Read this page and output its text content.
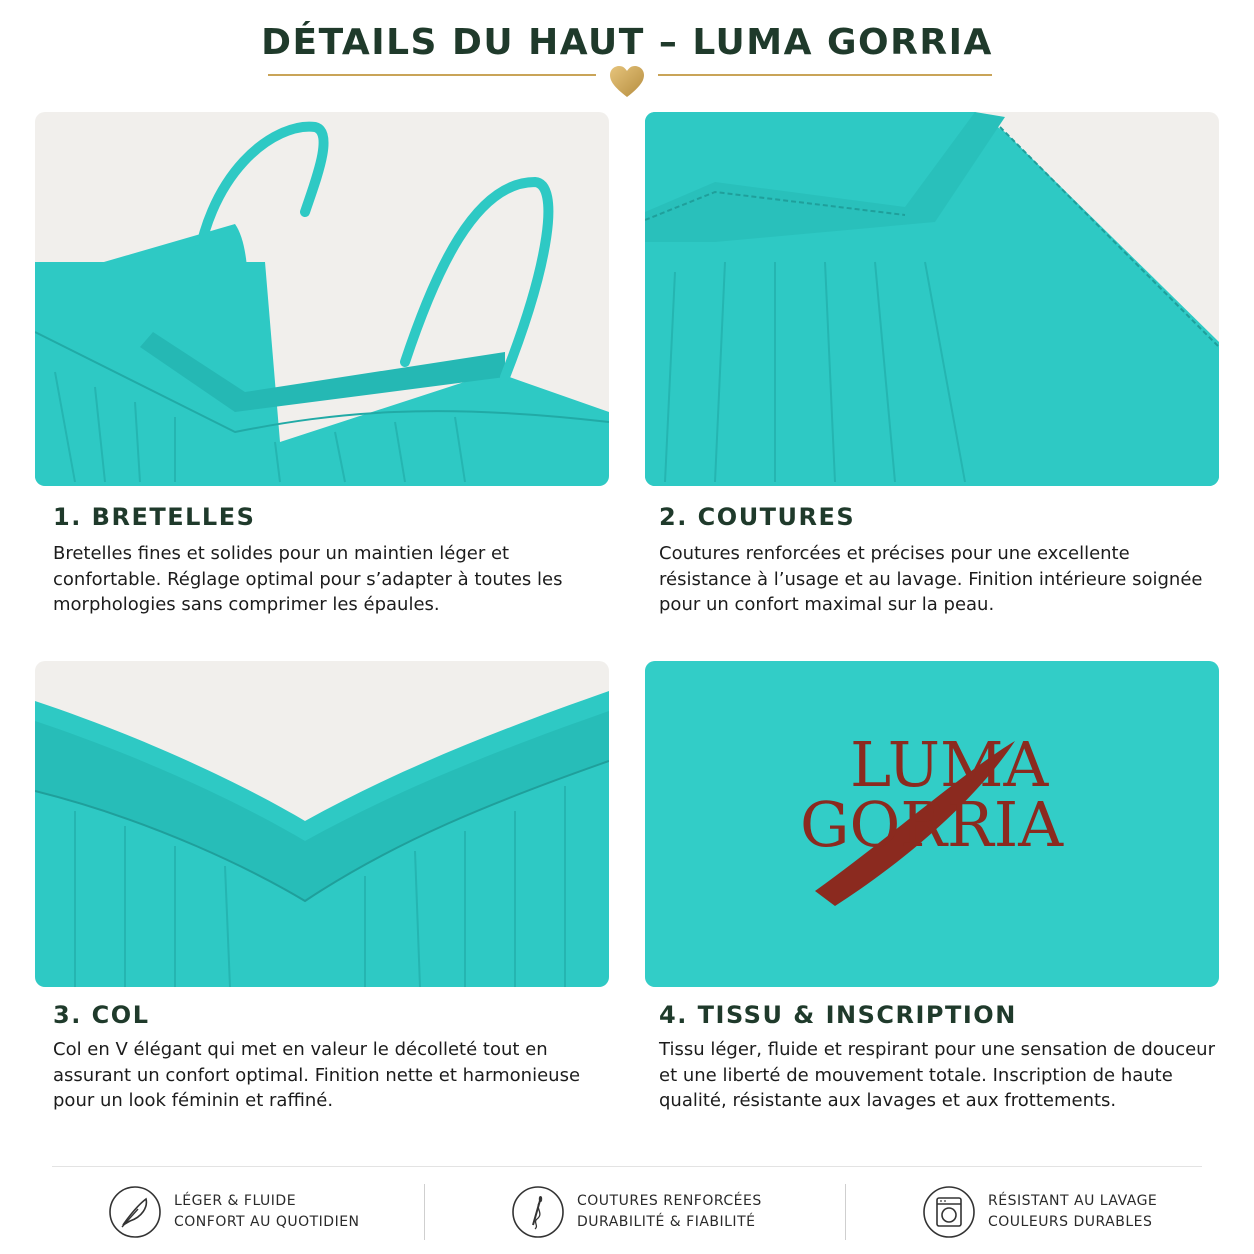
DÉTAILS DU HAUT – LUMA GORRIA
LUMA
GORRIA
1. BRETELLES
Bretelles fines et solides pour un maintien léger et confortable. Réglage optimal pour s’adapter à toutes les morphologies sans comprimer les épaules.
2. COUTURES
Coutures renforcées et précises pour une excellente résistance à l’usage et au lavage. Finition intérieure soignée pour un confort maximal sur la peau.
3. COL
Col en V élégant qui met en valeur le décolleté tout en assurant un confort optimal. Finition nette et harmonieuse pour un look féminin et raffiné.
4. TISSU & INSCRIPTION
Tissu léger, fluide et respirant pour une sensation de douceur et une liberté de mouvement totale. Inscription de haute qualité, résistante aux lavages et aux frottements.
LÉGER & FLUIDE
CONFORT AU QUOTIDIEN
COUTURES RENFORCÉES
DURABILITÉ & FIABILITÉ
RÉSISTANT AU LAVAGE
COULEURS DURABLES
